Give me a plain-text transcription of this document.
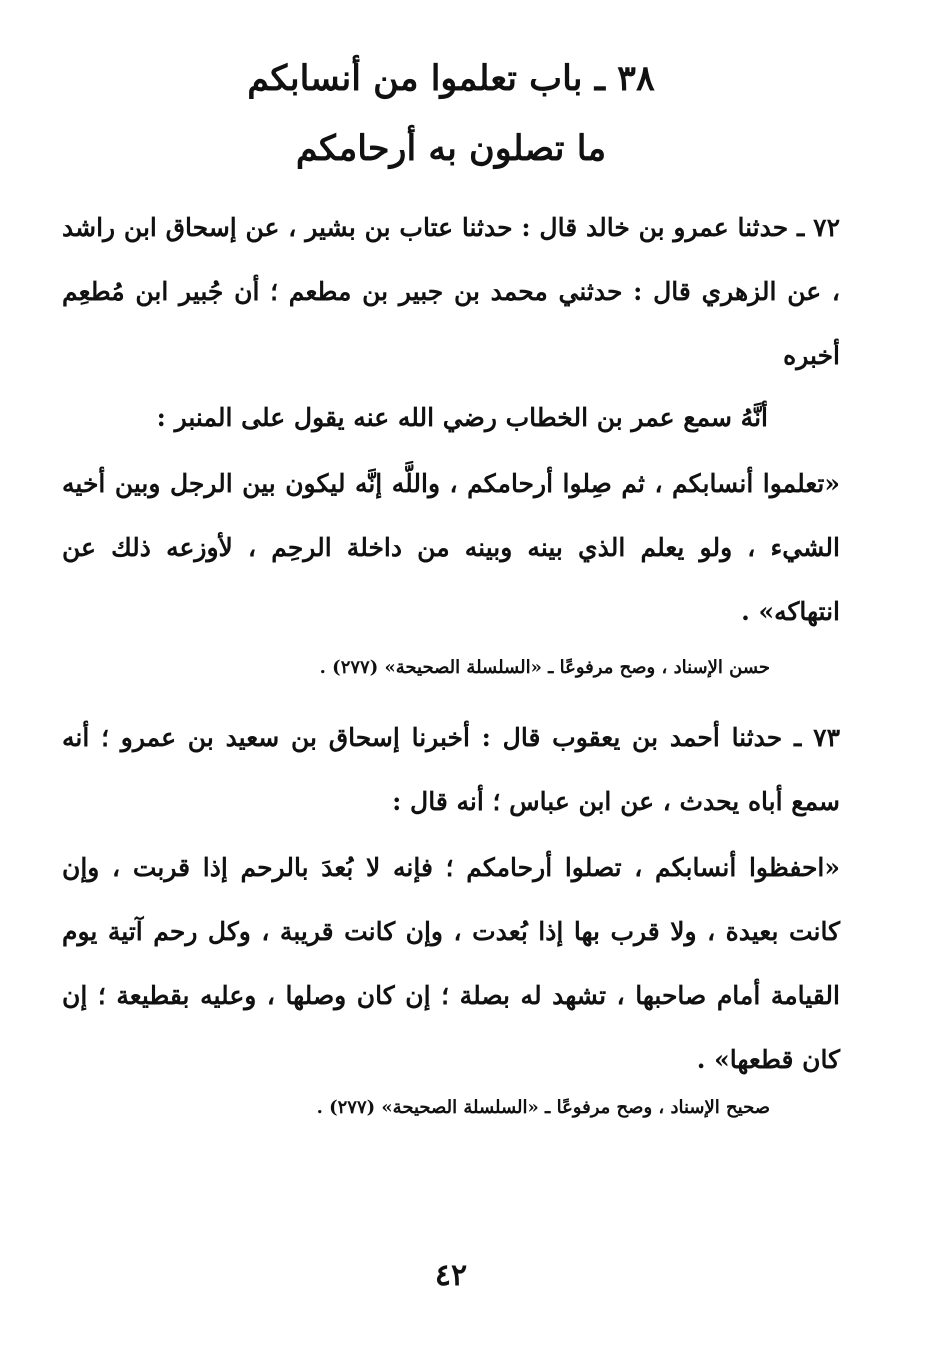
٣٨ ـ باب تعلموا من أنسابكم
ما تصلون به أرحامكم
٧٢ ـ حدثنا عمرو بن خالد قال : حدثنا عتاب بن بشير ، عن إسحاق ابن راشد ، عن الزهري قال : حدثني محمد بن جبير بن مطعم ؛ أن جُبير ابن مُطعِم أخبره
أنَّهُ سمع عمر بن الخطاب رضي الله عنه يقول على المنبر :
«تعلموا أنسابكم ، ثم صِلوا أرحامكم ، واللَّه إنَّه ليكون بين الرجل وبين أخيه الشيء ، ولو يعلم الذي بينه وبينه من داخلة الرحِم ، لأوزعه ذلك عن انتهاكه» .
حسن الإسناد ، وصح مرفوعًا ـ «السلسلة الصحيحة» (٢٧٧) .
٧٣ ـ حدثنا أحمد بن يعقوب قال : أخبرنا إسحاق بن سعيد بن عمرو ؛ أنه سمع أباه يحدث ، عن ابن عباس ؛ أنه قال :
«احفظوا أنسابكم ، تصلوا أرحامكم ؛ فإنه لا بُعدَ بالرحم إذا قربت ، وإن كانت بعيدة ، ولا قرب بها إذا بُعدت ، وإن كانت قريبة ، وكل رحم آتية يوم القيامة أمام صاحبها ، تشهد له بصلة ؛ إن كان وصلها ، وعليه بقطيعة ؛ إن كان قطعها» .
صحيح الإسناد ، وصح مرفوعًا ـ «السلسلة الصحيحة» (٢٧٧) .
٤٢
